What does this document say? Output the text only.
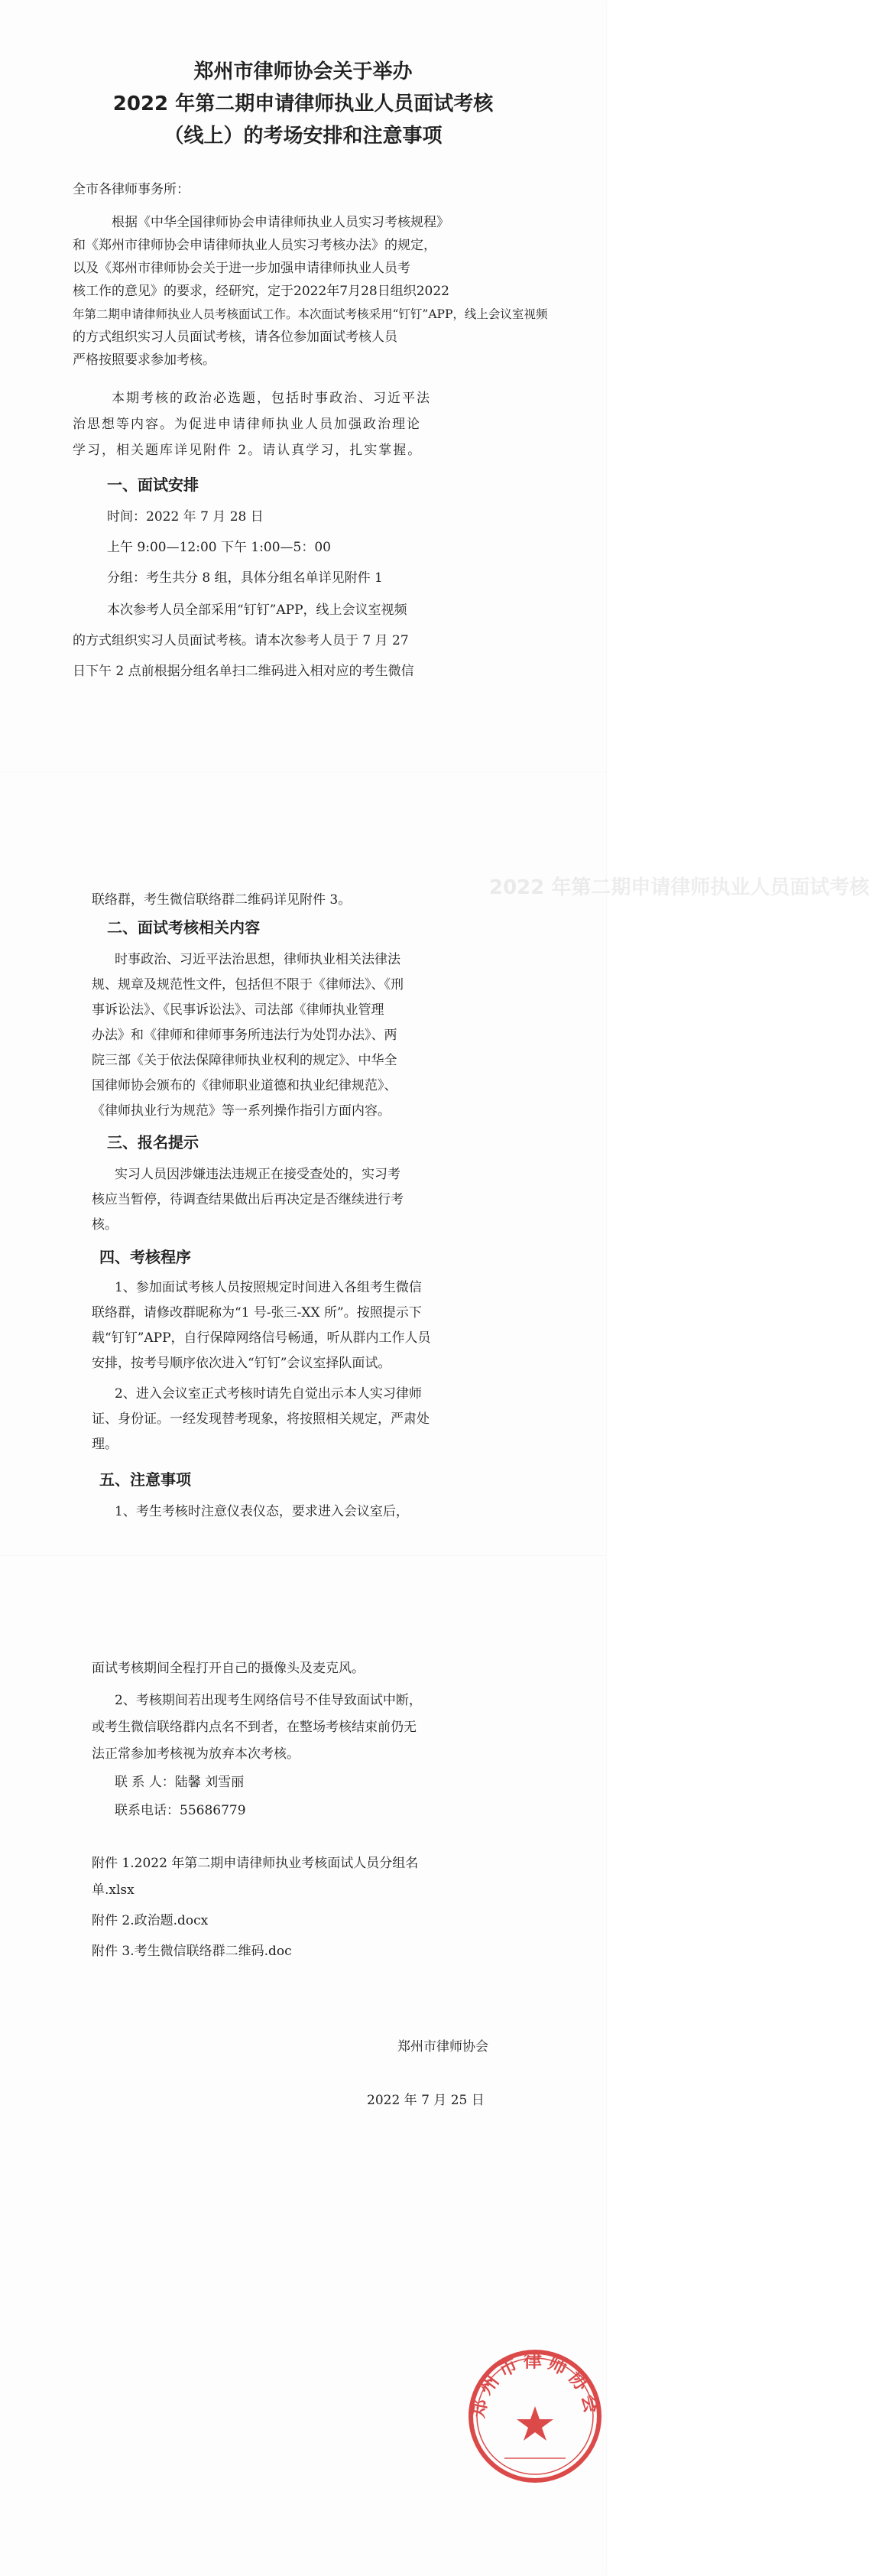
郑州市律师协会关于举办
2022 年第二期申请律师执业人员面试考核
（线上）的考场安排和注意事项
全市各律师事务所：
根据《中华全国律师协会申请律师执业人员实习考核规程》
和《郑州市律师协会申请律师执业人员实习考核办法》的规定，
以及《郑州市律师协会关于进一步加强申请律师执业人员考
核工作的意见》的要求，经研究，定于2022年7月28日组织2022
年第二期申请律师执业人员考核面试工作。本次面试考核采用“钉钉”APP，线上会议室视频
的方式组织实习人员面试考核，请各位参加面试考核人员
严格按照要求参加考核。
本期考核的政治必选题，包括时事政治、习近平法
治思想等内容。为促进申请律师执业人员加强政治理论
学习，相关题库详见附件 2。请认真学习，扎实掌握。
一、面试安排
时间：2022 年 7 月 28 日
上午 9:00—12:00 下午 1:00—5：00
分组：考生共分 8 组，具体分组名单详见附件 1
本次参考人员全部采用“钉钉”APP，线上会议室视频
的方式组织实习人员面试考核。请本次参考人员于 7 月 27
日下午 2 点前根据分组名单扫二维码进入相对应的考生微信
2022 年第二期申请律师执业人员面试考核
联络群，考生微信联络群二维码详见附件 3。
二、面试考核相关内容
时事政治、习近平法治思想，律师执业相关法律法
规、规章及规范性文件，包括但不限于《律师法》、《刑
事诉讼法》、《民事诉讼法》、司法部《律师执业管理
办法》和《律师和律师事务所违法行为处罚办法》、两
院三部《关于依法保障律师执业权利的规定》、中华全
国律师协会颁布的《律师职业道德和执业纪律规范》、
《律师执业行为规范》等一系列操作指引方面内容。
三、报名提示
实习人员因涉嫌违法违规正在接受查处的，实习考
核应当暂停，待调查结果做出后再决定是否继续进行考
核。
四、考核程序
1、参加面试考核人员按照规定时间进入各组考生微信
联络群，请修改群昵称为“1 号-张三-XX 所”。按照提示下
载“钉钉”APP，自行保障网络信号畅通，听从群内工作人员
安排，按考号顺序依次进入“钉钉”会议室择队面试。
2、进入会议室正式考核时请先自觉出示本人实习律师
证、身份证。一经发现替考现象，将按照相关规定，严肃处
理。
五、注意事项
1、考生考核时注意仪表仪态，要求进入会议室后，
面试考核期间全程打开自己的摄像头及麦克风。
2、考核期间若出现考生网络信号不佳导致面试中断，
或考生微信联络群内点名不到者，在整场考核结束前仍无
法正常参加考核视为放弃本次考核。
联 系 人：陆馨 刘雪丽
联系电话：55686779
附件 1.2022 年第二期申请律师执业考核面试人员分组名
单.xlsx
附件 2.政治题.docx
附件 3.考生微信联络群二维码.doc
郑州市律师协会
2022 年 7 月 25 日
郑州市律师协会
